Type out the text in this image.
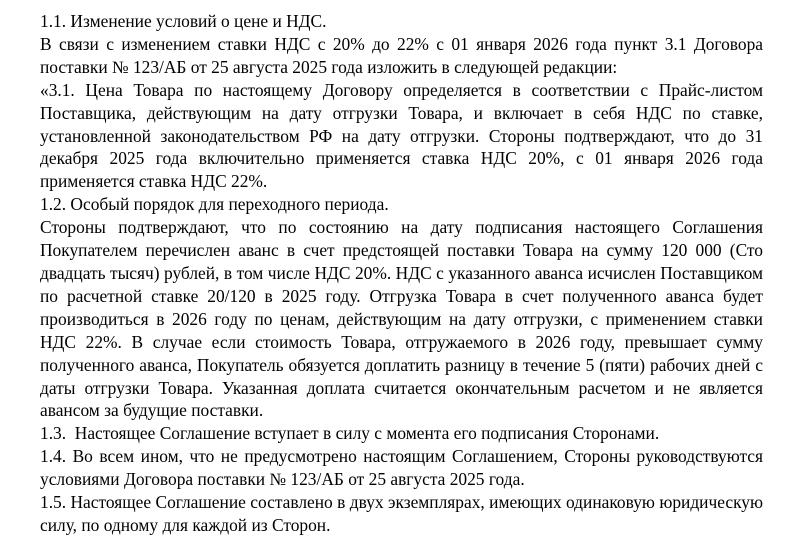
1.1. Изменение условий о цене и НДС.

В связи с изменением ставки НДС с 20% до 22% с 01 января 2026 года пункт 3.1 Договора поставки № 123/АБ от 25 августа 2025 года изложить в следующей редакции:

«3.1. Цена Товара по настоящему Договору определяется в соответствии с Прайс-листом Поставщика, действующим на дату отгрузки Товара, и включает в себя НДС по ставке, установленной законодательством РФ на дату отгрузки. Стороны подтверждают, что до 31 декабря 2025 года включительно применяется ставка НДС 20%, с 01 января 2026 года применяется ставка НДС 22%.

1.2. Особый порядок для переходного периода.

Стороны подтверждают, что по состоянию на дату подписания настоящего Соглашения Покупателем перечислен аванс в счет предстоящей поставки Товара на сумму 120 000 (Сто двадцать тысяч) рублей, в том числе НДС 20%. НДС с указанного аванса исчислен Поставщиком по расчетной ставке 20/120 в 2025 году. Отгрузка Товара в счет полученного аванса будет производиться в 2026 году по ценам, действующим на дату отгрузки, с применением ставки НДС 22%. В случае если стоимость Товара, отгружаемого в 2026 году, превышает сумму полученного аванса, Покупатель обязуется доплатить разницу в течение 5 (пяти) рабочих дней с даты отгрузки Товара. Указанная доплата считается окончательным расчетом и не является авансом за будущие поставки.

1.3.  Настоящее Соглашение вступает в силу с момента его подписания Сторонами.

1.4. Во всем ином, что не предусмотрено настоящим Соглашением, Стороны руководствуются условиями Договора поставки № 123/АБ от 25 августа 2025 года.

1.5. Настоящее Соглашение составлено в двух экземплярах, имеющих одинаковую юридическую силу, по одному для каждой из Сторон.
